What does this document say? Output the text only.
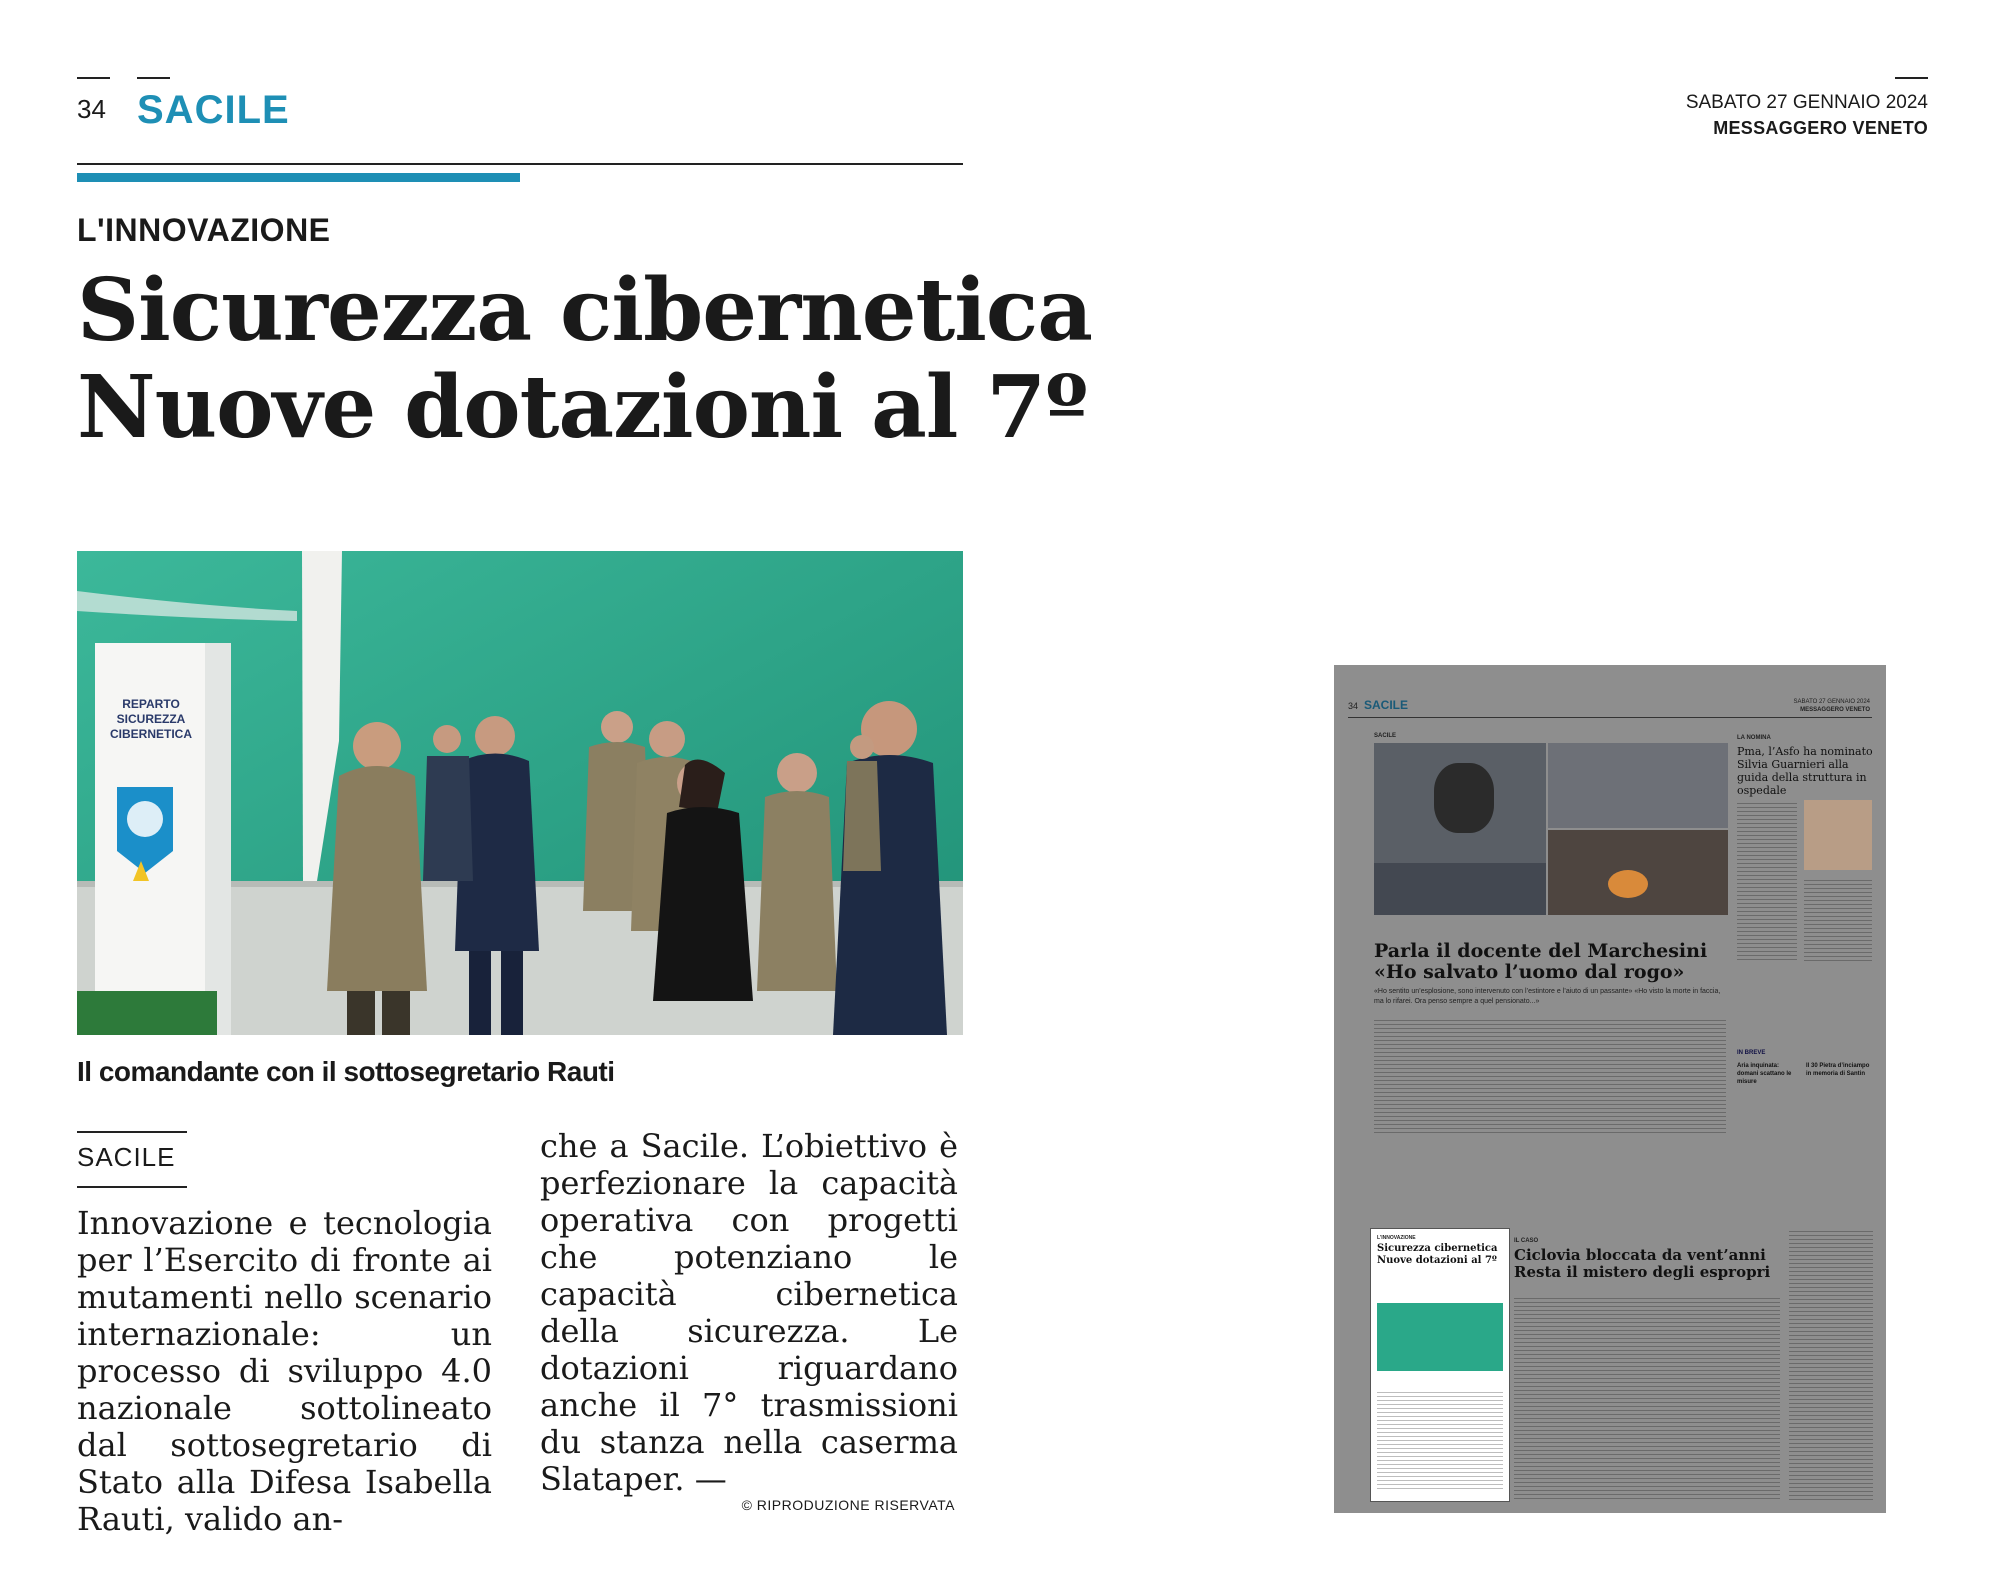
34 SACILE	SABATO 27 GENNAIO 2024
MESSAGGERO VENETO
L'INNOVAZIONE
Sicurezza cibernetica
Nuove dotazioni al 7º
REPARTO SICUREZZA CIBERNETICA
Il comandante con il sottosegretario Rauti
SACILE
Innovazione e tecnologia per l’Esercito di fronte ai mutamenti nello scenario internazionale: un processo di sviluppo 4.0 nazionale sottolineato dal sottosegretario di Stato alla Difesa Isabella Rauti, valido an-
che a Sacile. L’obiettivo è perfezionare la capacità operativa con progetti che potenziano le capacità cibernetica della sicurezza. Le dotazioni riguardano anche il 7° trasmissioni du stanza nella caserma Slataper. —
© RIPRODUZIONE RISERVATA
34 SACILE	SABATO 27 GENNAIO 2024
MESSAGGERO VENETO
SACILE
Parla il docente del Marchesini «Ho salvato l’uomo dal rogo»
«Ho sentito un’esplosione, sono intervenuto con l’estintore e l’aiuto di un passante» «Ho visto la morte in faccia, ma lo rifarei. Ora penso sempre a quel pensionato...»
LA NOMINA
Pma, l’Asfo ha nominato Silvia Guarnieri alla guida della struttura in ospedale
IN BREVE
Aria inquinata: domani scattano le misure
Il 30 Pietra d’inciampo in memoria di Santin
L'INNOVAZIONE
Sicurezza cibernetica Nuove dotazioni al 7º
IL CASO
Ciclovia bloccata da vent’anni Resta il mistero degli espropri
